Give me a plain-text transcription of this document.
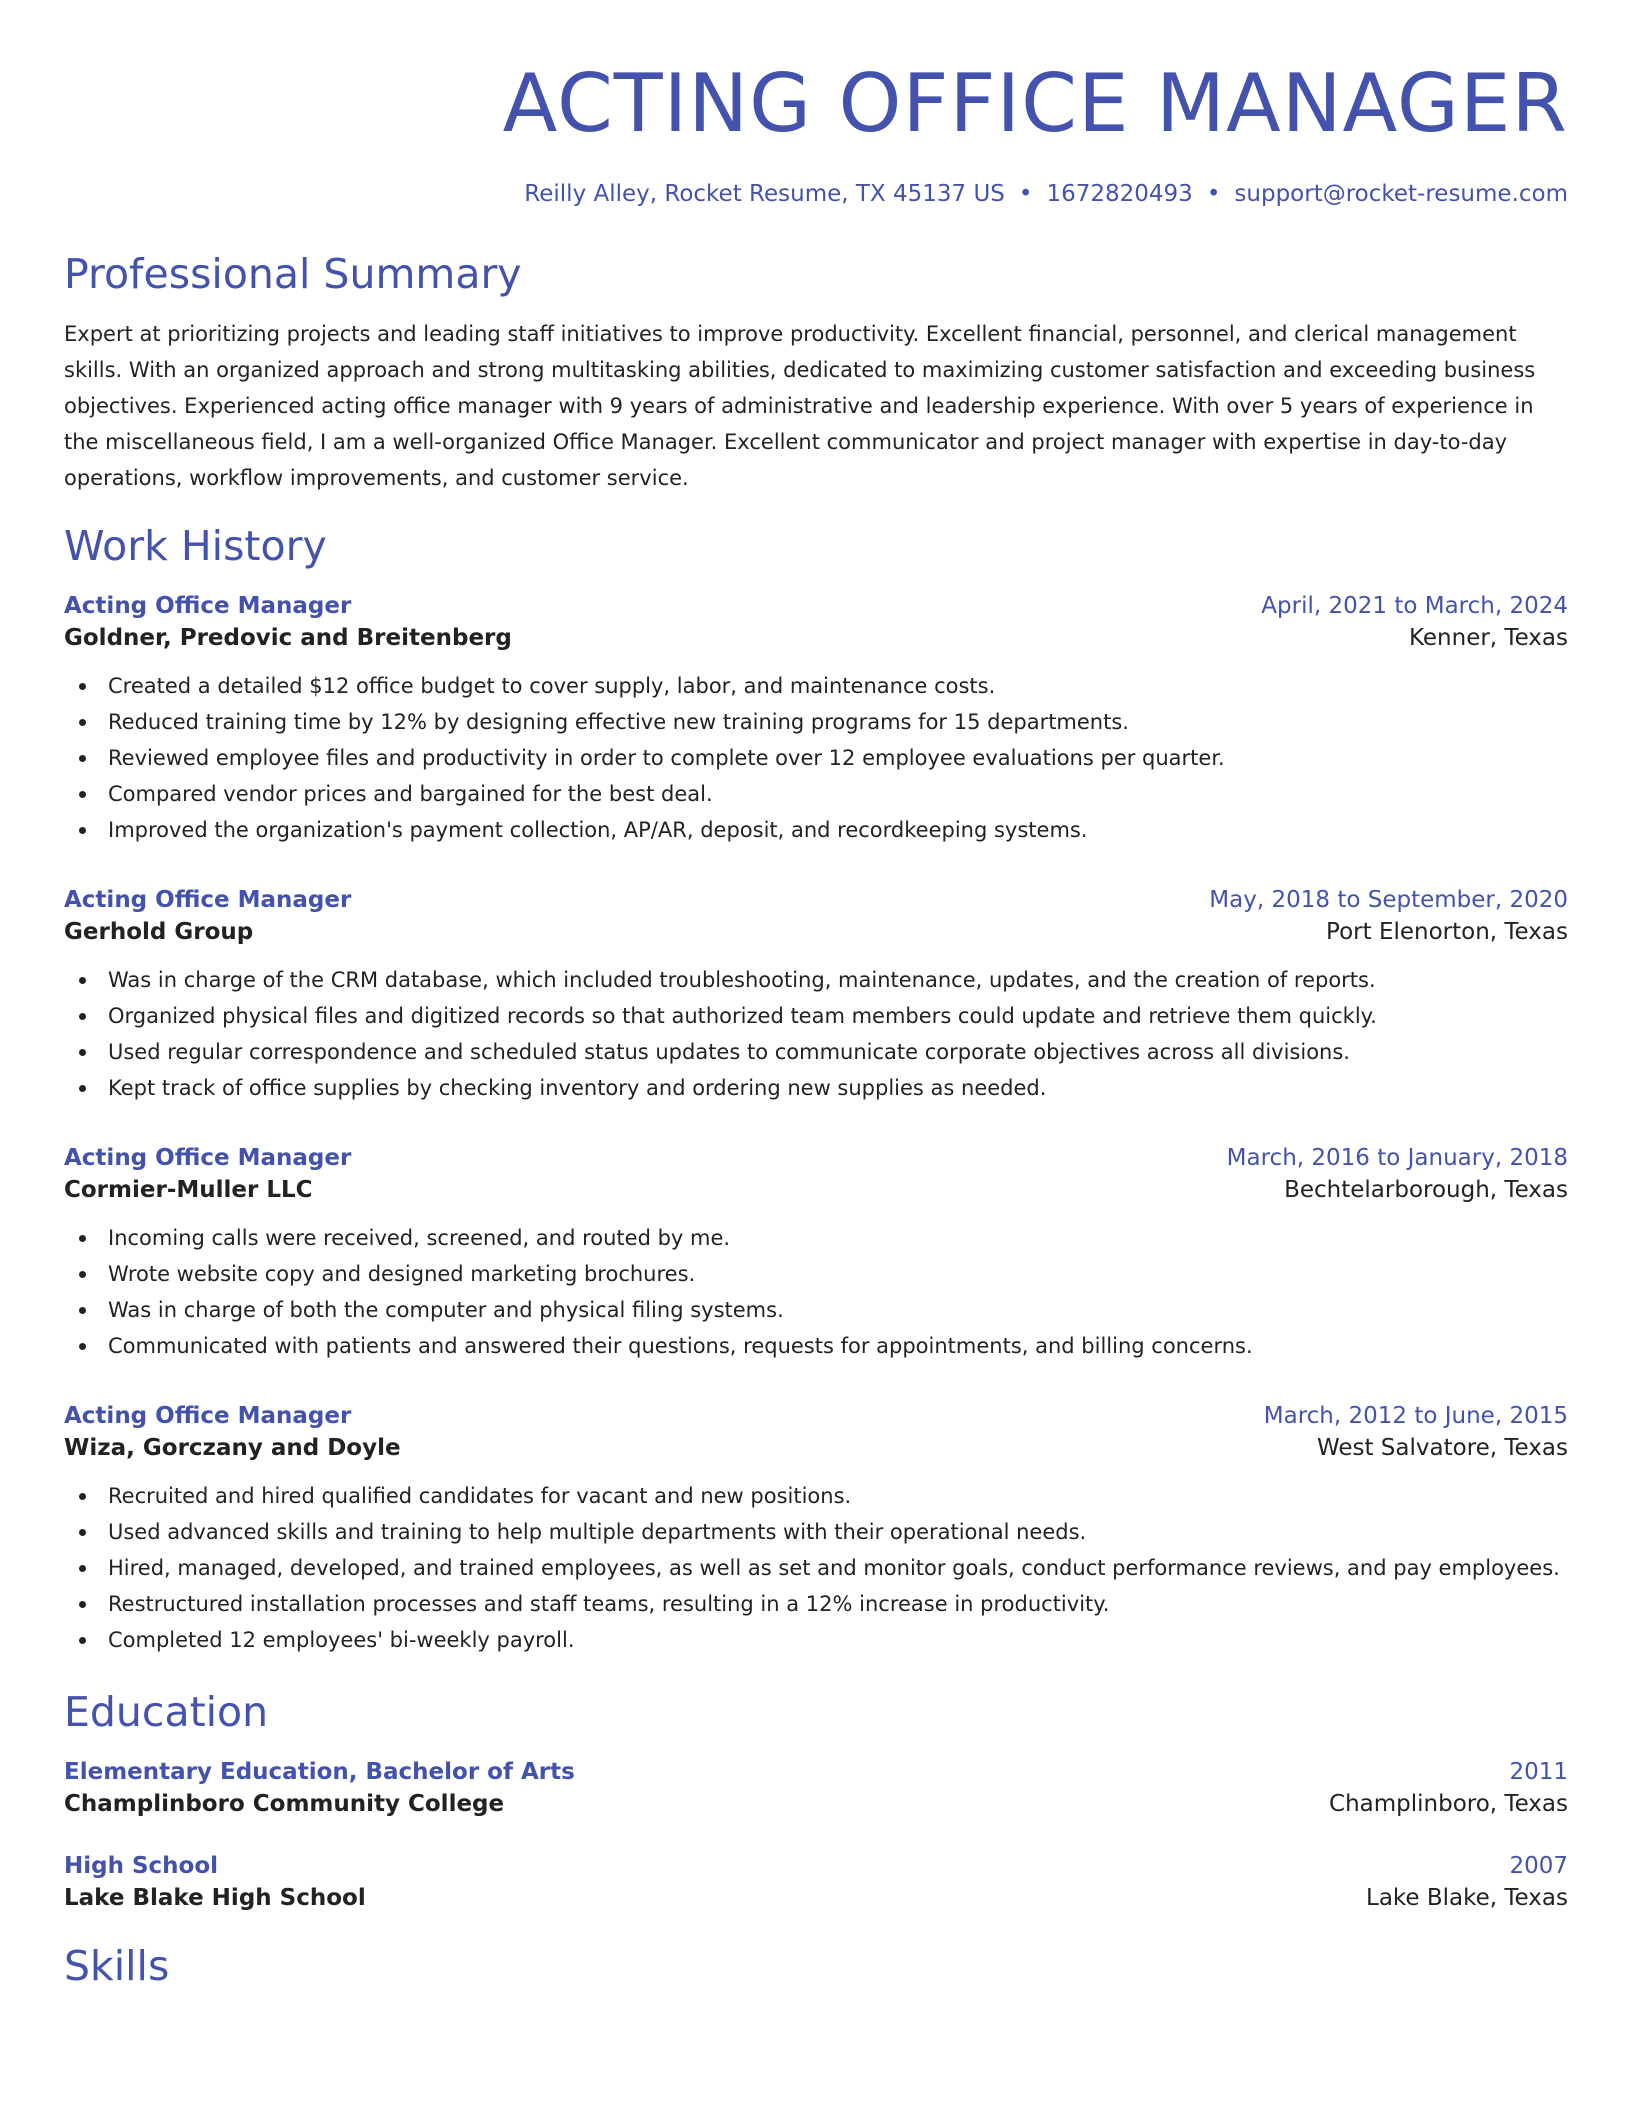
ACTING OFFICE MANAGER
Reilly Alley, Rocket Resume, TX 45137 US • 1672820493 • support@rocket-resume.com
Professional Summary

Expert at prioritizing projects and leading staff initiatives to improve productivity. Excellent financial, personnel, and clerical management skills. With an organized approach and strong multitasking abilities, dedicated to maximizing customer satisfaction and exceeding business objectives. Experienced acting office manager with 9 years of administrative and leadership experience. With over 5 years of experience in the miscellaneous field, I am a well-organized Office Manager. Excellent communicator and project manager with expertise in day-to-day operations, workflow improvements, and customer service.

Work History
Acting Office Manager	April, 2021 to March, 2024
Goldner, Predovic and Breitenberg	Kenner, Texas
Created a detailed $12 office budget to cover supply, labor, and maintenance costs.
Reduced training time by 12% by designing effective new training programs for 15 departments.
Reviewed employee files and productivity in order to complete over 12 employee evaluations per quarter.
Compared vendor prices and bargained for the best deal.
Improved the organization's payment collection, AP/AR, deposit, and recordkeeping systems.
Acting Office Manager	May, 2018 to September, 2020
Gerhold Group	Port Elenorton, Texas
Was in charge of the CRM database, which included troubleshooting, maintenance, updates, and the creation of reports.
Organized physical files and digitized records so that authorized team members could update and retrieve them quickly.
Used regular correspondence and scheduled status updates to communicate corporate objectives across all divisions.
Kept track of office supplies by checking inventory and ordering new supplies as needed.
Acting Office Manager	March, 2016 to January, 2018
Cormier-Muller LLC	Bechtelarborough, Texas
Incoming calls were received, screened, and routed by me.
Wrote website copy and designed marketing brochures.
Was in charge of both the computer and physical filing systems.
Communicated with patients and answered their questions, requests for appointments, and billing concerns.
Acting Office Manager	March, 2012 to June, 2015
Wiza, Gorczany and Doyle	West Salvatore, Texas
Recruited and hired qualified candidates for vacant and new positions.
Used advanced skills and training to help multiple departments with their operational needs.
Hired, managed, developed, and trained employees, as well as set and monitor goals, conduct performance reviews, and pay employees.
Restructured installation processes and staff teams, resulting in a 12% increase in productivity.
Completed 12 employees' bi-weekly payroll.
Education
Elementary Education, Bachelor of Arts	2011
Champlinboro Community College	Champlinboro, Texas
High School	2007
Lake Blake High School	Lake Blake, Texas
Skills
